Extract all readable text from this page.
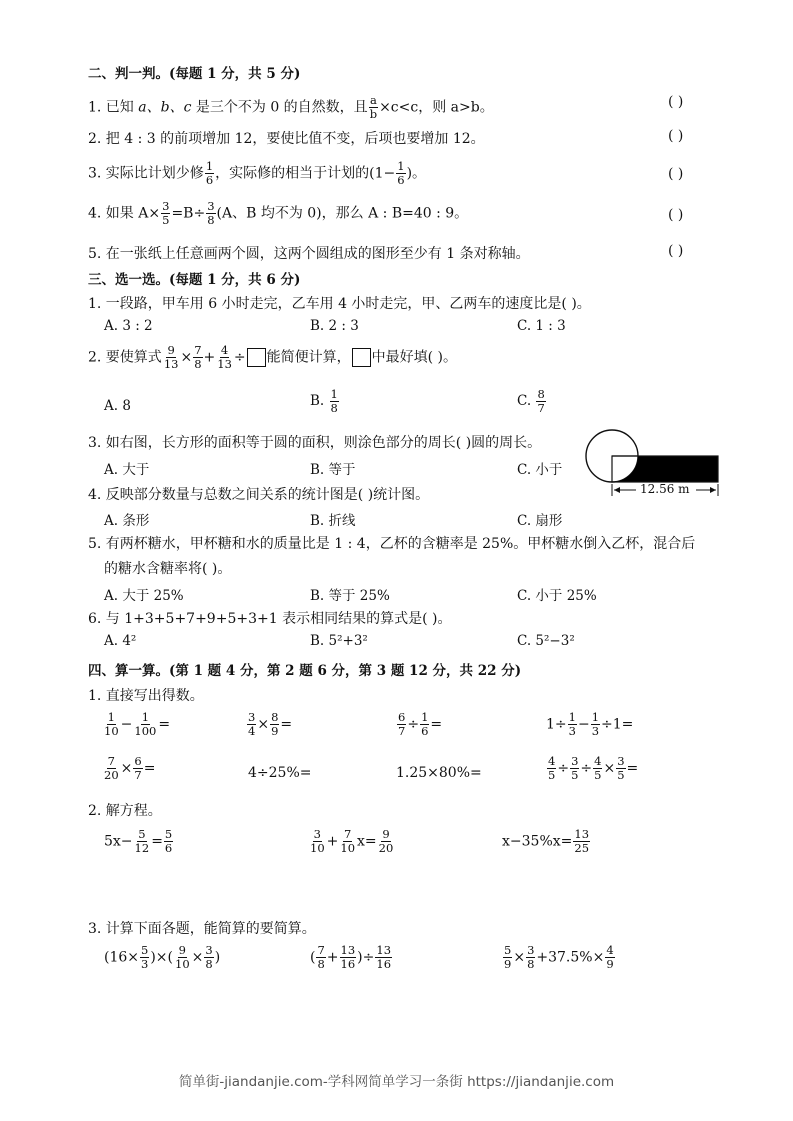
二、判一判。(每题 1 分，共 5 分)
1. 已知 a、b、c 是三个不为 0 的自然数，且 $\frac{a}{b} \times c<c$，则 a>b。	( )
2. 把 4 : 3 的前项增加 12，要使比值不变，后项也要增加 12。	( )
3. 实际比计划少修 $\frac{1}{6}$ ，实际修的相当于计划的($1- \frac{1}{6}$ )。	( )
4. 如果 $A\times \frac{3}{5} =B\div \frac{3}{8} (A$、B 均不为 0)，那么 A : B=40 : 9。	( )
5. 在一张纸上任意画两个圆，这两个圆组成的图形至少有 1 条对称轴。	( )
三、选一选。(每题 1 分，共 6 分)
1. 一段路，甲车用 6 小时走完，乙车用 4 小时走完，甲、乙两车的速度比是( )。
A. 3 : 2	B. 2 : 3	C. 1 : 3
2. 要使算式 $\frac{9}{13} \times \frac{7}{8} + \frac{4}{13}$ ÷ 能简便计算， 中最好填( )。
A. 8	B. $\frac{1}{8}$	C. $\frac{8}{7}$
3. 如右图，长方形的面积等于圆的面积，则涂色部分的周长( )圆的周长。
A. 大于	B. 等于	C. 小于
12.56 m
4. 反映部分数量与总数之间关系的统计图是( )统计图。
A. 条形	B. 折线	C. 扇形
5. 有两杯糖水，甲杯糖和水的质量比是 1 : 4，乙杯的含糖率是 25%。甲杯糖水倒入乙杯，混合后
的糖水含糖率将( )。
A. 大于 25%	B. 等于 25%	C. 小于 25%
6. 与 1+3+5+7+9+5+3+1 表示相同结果的算式是( )。
A. 4²	B. 5²+3²	C. 5²−3²
四、算一算。(第 1 题 4 分，第 2 题 6 分，第 3 题 12 分，共 22 分)
1. 直接写出得数。
$\frac{1}{10} - \frac{1}{100}$ =	$\frac{3}{4} \times \frac{8}{9}$ =	$\frac{6}{7} \div \frac{1}{6}$ =	$1\div \frac{1}{3} - \frac{1}{3} \div 1=$
$\frac{7}{20} \times \frac{6}{7}$ =	4÷25%=	1.25×80%=	$\frac{4}{5} \div \frac{3}{5} \div \frac{4}{5} \times \frac{3}{5}$ =
2. 解方程。
$5x- \frac{5}{12} = \frac{5}{6}$	$\frac{3}{10} + \frac{7}{10} x= \frac{9}{20}$	$x-35\%x= \frac{13}{25}$
3. 计算下面各题，能简算的要简算。
($16\times \frac{5}{3}$ )×( $\frac{9}{10} \times \frac{3}{8}$ )	( $\frac{7}{8} + \frac{13}{16}$ )÷ $\frac{13}{16}$	$\frac{5}{9} \times \frac{3}{8} +37.5\%\times \frac{4}{9}$
简单街-jiandanjie.com-学科网简单学习一条街 https://jiandanjie.com
